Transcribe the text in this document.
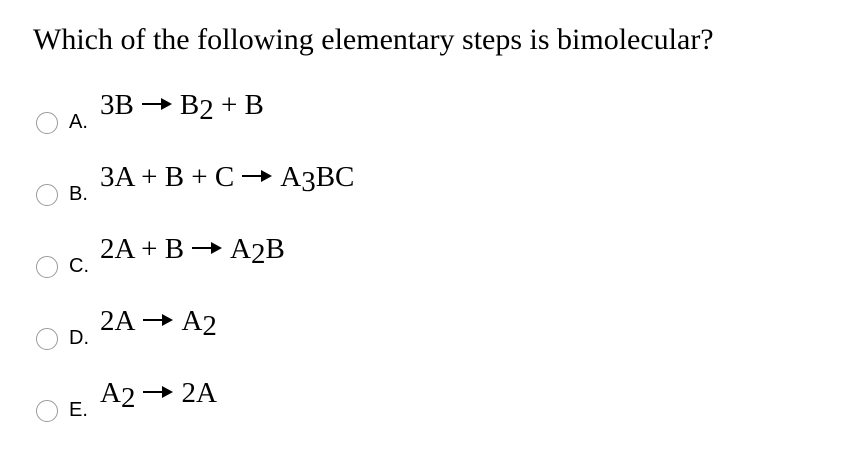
Which of the following elementary steps is bimolecular?
A.
3B $B_2 + B$
B.
3A + B + C $A_3BC$
C.
2A + B $A_2B$
D.
2A $A_2$
E.
$A_2$ 2A
